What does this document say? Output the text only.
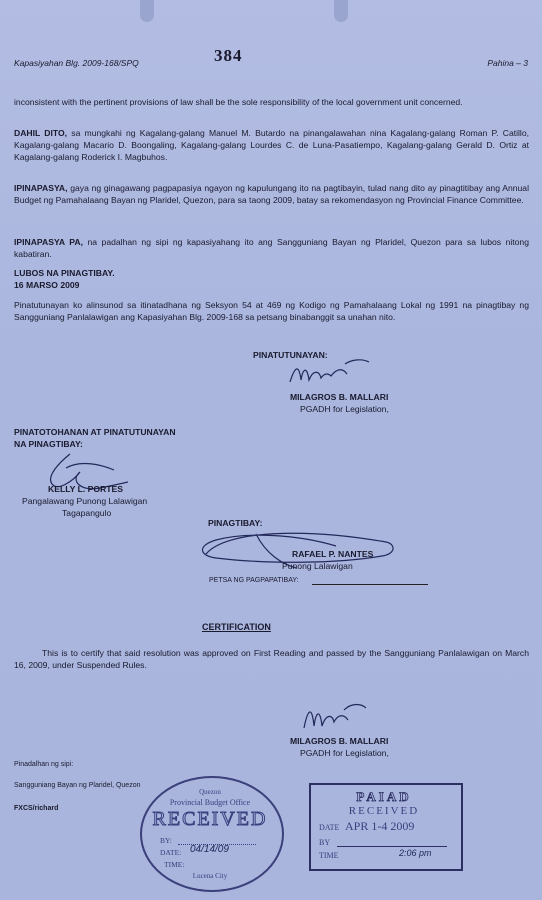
Kapasiyahan Blg. 2009-168/SPQ	384	Pahina – 3
inconsistent with the pertinent provisions of law shall be the sole responsibility of the local government unit concerned.
DAHIL DITO, sa mungkahi ng Kagalang-galang Manuel M. Butardo na pinangalawahan nina Kagalang-galang Roman P. Catillo, Kagalang-galang Macario D. Boongaling, Kagalang-galang Lourdes C. de Luna-Pasatiempo, Kagalang-galang Gerald D. Ortiz at Kagalang-galang Roderick I. Magbuhos.
IPINAPASYA, gaya ng ginagawang pagpapasiya ngayon ng kapulungang ito na pagtibayin, tulad nang dito ay pinagtitibay ang Annual Budget ng Pamahalaang Bayan ng Plaridel, Quezon, para sa taong 2009, batay sa rekomendasyon ng Provincial Finance Committee.
IPINAPASYA PA, na padalhan ng sipi ng kapasiyahang ito ang Sangguniang Bayan ng Plaridel, Quezon para sa lubos nitong kabatiran.
LUBOS NA PINAGTIBAY.
16 MARSO 2009
Pinatutunayan ko alinsunod sa itinatadhana ng Seksyon 54 at 469 ng Kodigo ng Pamahalaang Lokal ng 1991 na pinagtibay ng Sangguniang Panlalawigan ang Kapasiyahan Blg. 2009-168 sa petsang binabanggit sa unahan nito.
PINATUTUNAYAN:
MILAGROS B. MALLARI
PGADH for Legislation,
PINATOTOHANAN AT PINATUTUNAYAN
NA PINAGTIBAY:
KELLY L. PORTES
Pangalawang Punong Lalawigan
Tagapangulo
PINAGTIBAY:
RAFAEL P. NANTES
Punong Lalawigan
PETSA NG PAGPAPATIBAY:
CERTIFICATION
This is to certify that said resolution was approved on First Reading and passed by the Sangguniang Panlalawigan on March 16, 2009, under Suspended Rules.
MILAGROS B. MALLARI
PGADH for Legislation,
Pinadalhan ng sipi:
Sangguniang Bayan ng Plaridel, Quezon
FXCS/richard
Quezon
Provincial Budget Office
RECEIVED
BY:
DATE: 04/14/09
TIME:
Lucena City
PAIAD
RECEIVED
DATE APR 1-4 2009
BY
TIME	2:06 pm
